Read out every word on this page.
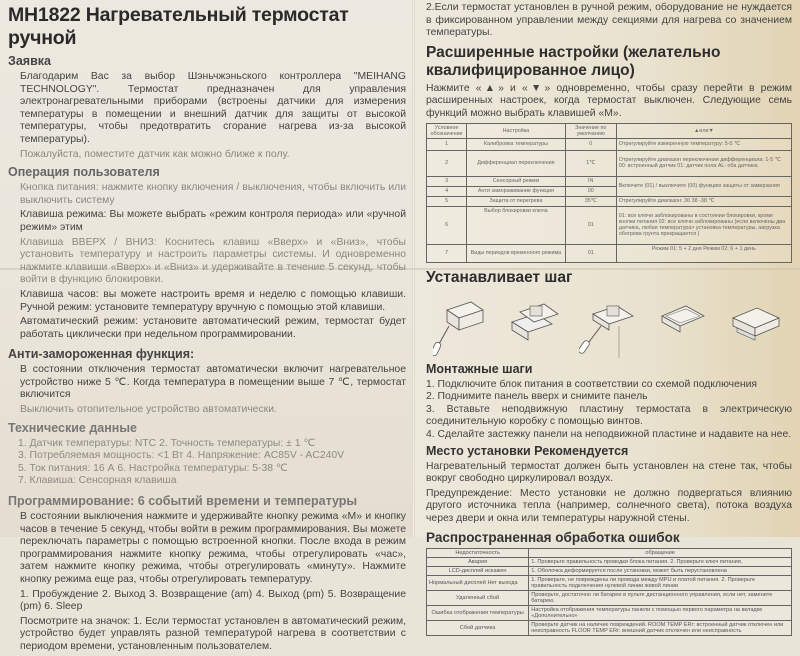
MH1822 Нагревательный термостат ручной
Заявка

Благодарим Вас за выбор Шэньчжэньского контроллера "MEIHANG TECHNOLOGY". Термостат предназначен для управления электронагревательными приборами (встроены датчики для измерения температуры в помещении и внешний датчик для защиты от высокой температуры, чтобы предотвратить сгорание нагрева из-за высокой температуры).

Пожалуйста, поместите датчик как можно ближе к полу.

Операция пользователя

Кнопка питания: нажмите кнопку включения / выключения, чтобы включить или выключить систему

Клавиша режима: Вы можете выбрать «режим контроля периода» или «ручной режим» этим

Клавиша ВВЕРХ / ВНИЗ: Коснитесь клавиш «Вверх» и «Вниз», чтобы установить температуру и настроить параметры системы. И одновременно нажмите клавиши «Вверх» и «Вниз» и удерживайте в течение 5 секунд, чтобы войти в функцию блокировки.

Клавиша часов: вы можете настроить время и неделю с помощью клавиши. Ручной режим: установите температуру вручную с помощью этой клавиши.

Автоматический режим: установите автоматический режим, термостат будет работать циклически при недельном программировании.

Анти-замороженная функция:

В состоянии отключения термостат автоматически включит нагревательное устройство ниже 5 ℃. Когда температура в помещении выше 7 ℃, термостат включится

Выключить отопительное устройство автоматически.

Технические данные
1. Датчик температуры: NTC 2. Точность температуры: ± 1 ℃
3. Потребляемая мощность: <1 Вт 4. Напряжение: AC85V - AC240V
5. Ток питания: 16 А 6. Настройка температуры: 5-38 ℃
7. Клавиша: Сенсорная клавиша
Программирование: 6 событий времени и температуры

В состоянии выключения нажмите и удерживайте кнопку режима «M» и кнопку часов в течение 5 секунд, чтобы войти в режим программирования. Вы можете переключать параметры с помощью встроенной кнопки. После входа в режим программирования нажмите кнопку режима, чтобы отрегулировать «час», затем нажмите кнопку режима, чтобы отрегулировать «минуту». Нажмите кнопку режима еще раз, чтобы отрегулировать температуру.

1. Пробуждение 2. Выход 3. Возвращение (am) 4. Выход (pm) 5. Возвращение (pm) 6. Sleep

Посмотрите на значок: 1. Если термостат установлен в автоматический режим, устройство будет управлять разной температурой нагрева в соответствии с периодом времени, установленным пользователем.

2.Если термостат установлен в ручной режим, оборудование не нуждается в фиксированном управлении между секциями для нагрева со значением температуры.

Расширенные настройки (желательно квалифицированное лицо)

Нажмите «▲» и «▼» одновременно, чтобы сразу перейти в режим расширенных настроек, когда термостат выключен. Следующие семь функций можно выбрать клавишей «M».

Условное обозначение	Настройка	Значение по умолчанию	▲или▼
1	Калибровка температуры	0	Отрегулируйте измеренную температуру: 5-5 ℃
2	Дифференциал переключения	1℃	Отрегулируйте диапазон переключения дифференциала: 1-5 ℃ 00: встроенный датчик 01: датчик пола AL: оба датчика
3	Сенсорный режим	IN	Включите (01) / выключите (00) функцию защиты от замерзания
4	Анти замораживание функция	00	
5	Защита от перегрева	35℃	Отрегулируйте диапазон: 30 38 -38 ℃
6	Выбор блокировки ключа	01	01: все ключи заблокированы в состоянии блокировки, кроме кнопки питания 02: все ключи заблокированы (если включены два датчика, любая температура> установка температуры, нагрузка обогрева грунта прекращается )
7	Виды периодов временного режима	01	Режим 01: 5 + 2 дня Режим 02: 6 + 1 день
Устанавливает шаг
Монтажные шаги
1. Подключите блок питания в соответствии со схемой подключения
2. Поднимите панель вверх и снимите панель
3. Вставьте неподвижную пластину термостата в электрическую соединительную коробку с помощью винтов.
4. Сделайте застежку панели на неподвижной пластине и надавите на нее.
Место установки Рекомендуется

Нагревательный термостат должен быть установлен на стене так, чтобы вокруг свободно циркулировал воздух.

Предупреждение: Место установки не должно подвергаться влиянию другого источника тепла (например, солнечного света), потока воздуха через двери и окна или температуры наружной стены.

Распространенная обработка ошибок
Недостаточность	обращение
Авария	1. Проверьте правильность проводки блока питания. 2. Проверьте ключ питания.
LCD-дисплей искажен	1. Оболочка деформируется после установки, может быть перустановлена
Нормальный дисплей Нет выхода	1. Проверьте, не повреждены ли провода между MPU и платой питания. 2. Проверьте правильность подключения нулевой линии живой линии
Удаленный сбой	Проверьте, достаточно ли батареи в пульте дистанционного управления, если нет, замените батарею.
Ошибка отображения температуры	Настройка отображения температуры панели с помощью первого параметра на вкладке «Дополнительно»
Сбой датчика	Проверьте датчик на наличие повреждений. ROOM TEMP ERr: встроенный датчик отключен или неисправность FLOOR TEMP ERr: внешний датчик отключен или неисправность
